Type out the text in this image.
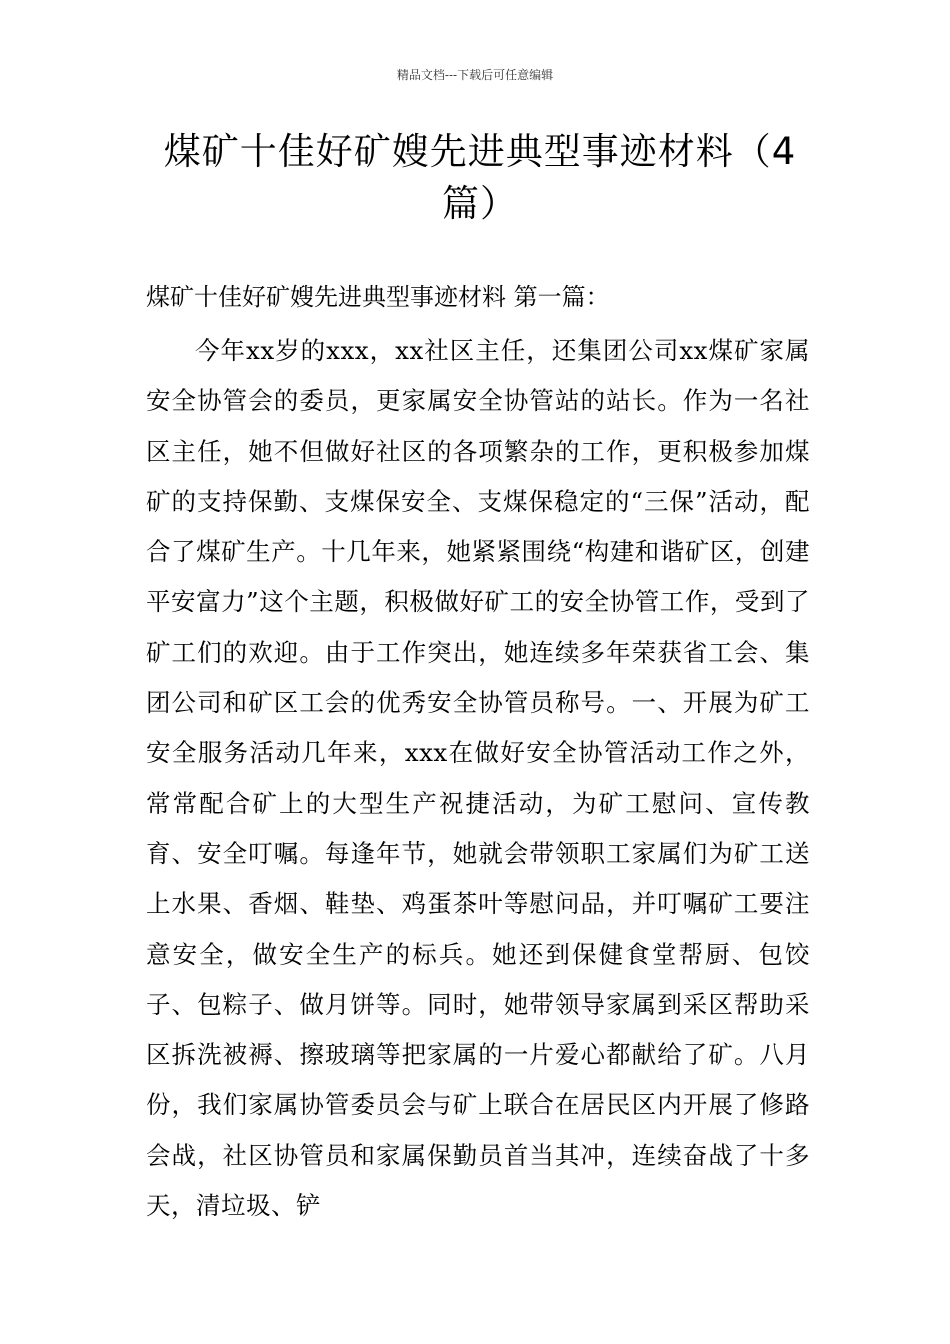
精品文档---下载后可任意编辑
煤矿十佳好矿嫂先进典型事迹材料（4篇）
煤矿十佳好矿嫂先进典型事迹材料 第一篇：
今年xx岁的xxx，xx社区主任，还集团公司xx煤矿家属安全协管会的委员，更家属安全协管站的站长。作为一名社区主任，她不但做好社区的各项繁杂的工作，更积极参加煤矿的支持保勤、支煤保安全、支煤保稳定的“三保”活动，配合了煤矿生产。十几年来，她紧紧围绕“构建和谐矿区，创建平安富力”这个主题，积极做好矿工的安全协管工作，受到了矿工们的欢迎。由于工作突出，她连续多年荣获省工会、集团公司和矿区工会的优秀安全协管员称号。一、开展为矿工安全服务活动几年来，xxx在做好安全协管活动工作之外，常常配合矿上的大型生产祝捷活动，为矿工慰问、宣传教育、安全叮嘱。每逢年节，她就会带领职工家属们为矿工送上水果、香烟、鞋垫、鸡蛋茶叶等慰问品，并叮嘱矿工要注意安全，做安全生产的标兵。她还到保健食堂帮厨、包饺子、包粽子、做月饼等。同时，她带领导家属到采区帮助采区拆洗被褥、擦玻璃等把家属的一片爱心都献给了矿。八月份，我们家属协管委员会与矿上联合在居民区内开展了修路会战，社区协管员和家属保勤员首当其冲，连续奋战了十多天，清垃圾、铲
